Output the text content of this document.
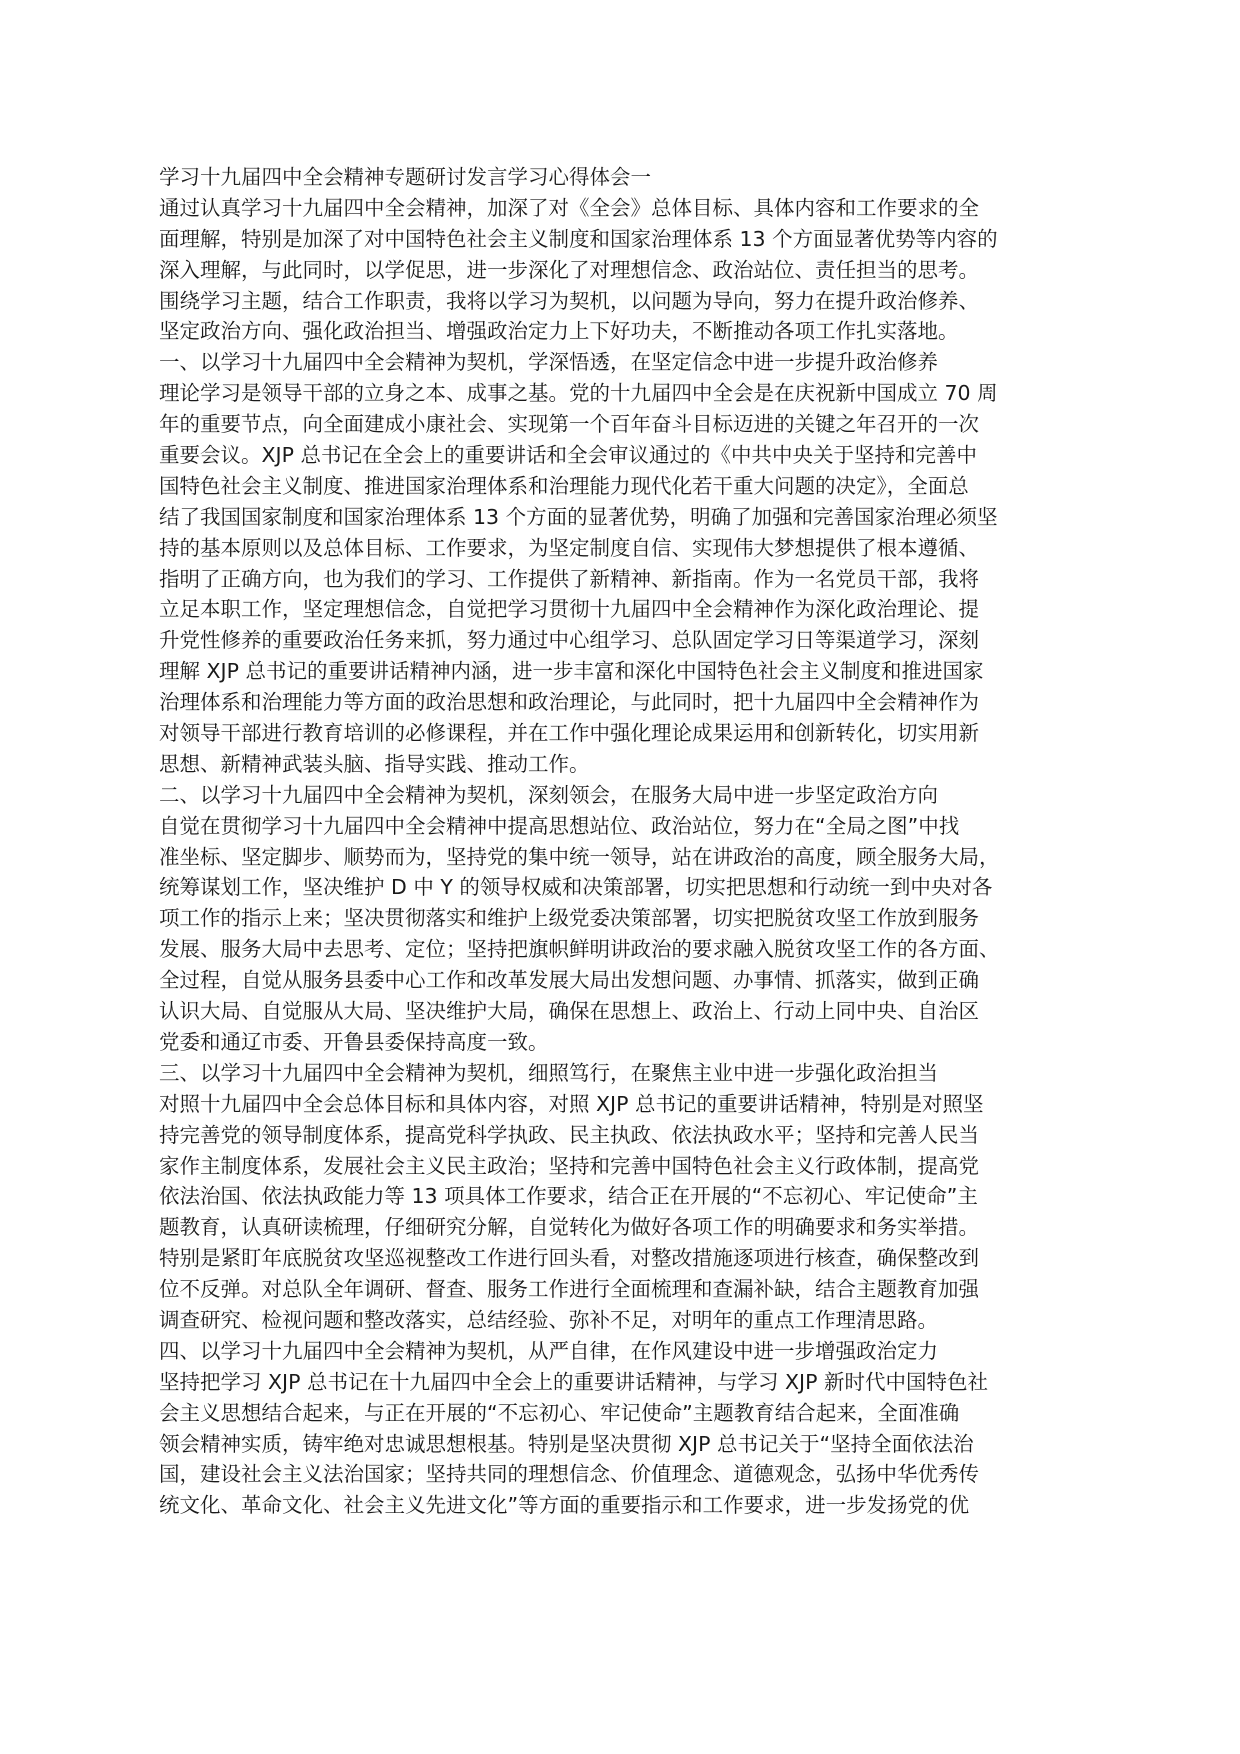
学习十九届四中全会精神专题研讨发言学习心得体会一
通过认真学习十九届四中全会精神，加深了对《全会》总体目标、具体内容和工作要求的全
面理解，特别是加深了对中国特色社会主义制度和国家治理体系 13 个方面显著优势等内容的
深入理解，与此同时，以学促思，进一步深化了对理想信念、政治站位、责任担当的思考。
围绕学习主题，结合工作职责，我将以学习为契机，以问题为导向，努力在提升政治修养、
坚定政治方向、强化政治担当、增强政治定力上下好功夫，不断推动各项工作扎实落地。
一、以学习十九届四中全会精神为契机，学深悟透，在坚定信念中进一步提升政治修养
理论学习是领导干部的立身之本、成事之基。党的十九届四中全会是在庆祝新中国成立 70 周
年的重要节点，向全面建成小康社会、实现第一个百年奋斗目标迈进的关键之年召开的一次
重要会议。XJP 总书记在全会上的重要讲话和全会审议通过的《中共中央关于坚持和完善中
国特色社会主义制度、推进国家治理体系和治理能力现代化若干重大问题的决定》，全面总
结了我国国家制度和国家治理体系 13 个方面的显著优势，明确了加强和完善国家治理必须坚
持的基本原则以及总体目标、工作要求，为坚定制度自信、实现伟大梦想提供了根本遵循、
指明了正确方向，也为我们的学习、工作提供了新精神、新指南。作为一名党员干部，我将
立足本职工作，坚定理想信念，自觉把学习贯彻十九届四中全会精神作为深化政治理论、提
升党性修养的重要政治任务来抓，努力通过中心组学习、总队固定学习日等渠道学习，深刻
理解 XJP 总书记的重要讲话精神内涵，进一步丰富和深化中国特色社会主义制度和推进国家
治理体系和治理能力等方面的政治思想和政治理论，与此同时，把十九届四中全会精神作为
对领导干部进行教育培训的必修课程，并在工作中强化理论成果运用和创新转化，切实用新
思想、新精神武装头脑、指导实践、推动工作。
二、以学习十九届四中全会精神为契机，深刻领会，在服务大局中进一步坚定政治方向
自觉在贯彻学习十九届四中全会精神中提高思想站位、政治站位，努力在“全局之图”中找
准坐标、坚定脚步、顺势而为，坚持党的集中统一领导，站在讲政治的高度，顾全服务大局，
统筹谋划工作，坚决维护 D 中 Y 的领导权威和决策部署，切实把思想和行动统一到中央对各
项工作的指示上来；坚决贯彻落实和维护上级党委决策部署，切实把脱贫攻坚工作放到服务
发展、服务大局中去思考、定位；坚持把旗帜鲜明讲政治的要求融入脱贫攻坚工作的各方面、
全过程，自觉从服务县委中心工作和改革发展大局出发想问题、办事情、抓落实，做到正确
认识大局、自觉服从大局、坚决维护大局，确保在思想上、政治上、行动上同中央、自治区
党委和通辽市委、开鲁县委保持高度一致。
三、以学习十九届四中全会精神为契机，细照笃行，在聚焦主业中进一步强化政治担当
对照十九届四中全会总体目标和具体内容，对照 XJP 总书记的重要讲话精神，特别是对照坚
持完善党的领导制度体系，提高党科学执政、民主执政、依法执政水平；坚持和完善人民当
家作主制度体系，发展社会主义民主政治；坚持和完善中国特色社会主义行政体制，提高党
依法治国、依法执政能力等 13 项具体工作要求，结合正在开展的“不忘初心、牢记使命”主
题教育，认真研读梳理，仔细研究分解，自觉转化为做好各项工作的明确要求和务实举措。
特别是紧盯年底脱贫攻坚巡视整改工作进行回头看，对整改措施逐项进行核查，确保整改到
位不反弹。对总队全年调研、督查、服务工作进行全面梳理和查漏补缺，结合主题教育加强
调查研究、检视问题和整改落实，总结经验、弥补不足，对明年的重点工作理清思路。
四、以学习十九届四中全会精神为契机，从严自律，在作风建设中进一步增强政治定力
坚持把学习 XJP 总书记在十九届四中全会上的重要讲话精神，与学习 XJP 新时代中国特色社
会主义思想结合起来，与正在开展的“不忘初心、牢记使命”主题教育结合起来，全面准确
领会精神实质，铸牢绝对忠诚思想根基。特别是坚决贯彻 XJP 总书记关于“坚持全面依法治
国，建设社会主义法治国家；坚持共同的理想信念、价值理念、道德观念，弘扬中华优秀传
统文化、革命文化、社会主义先进文化”等方面的重要指示和工作要求，进一步发扬党的优
